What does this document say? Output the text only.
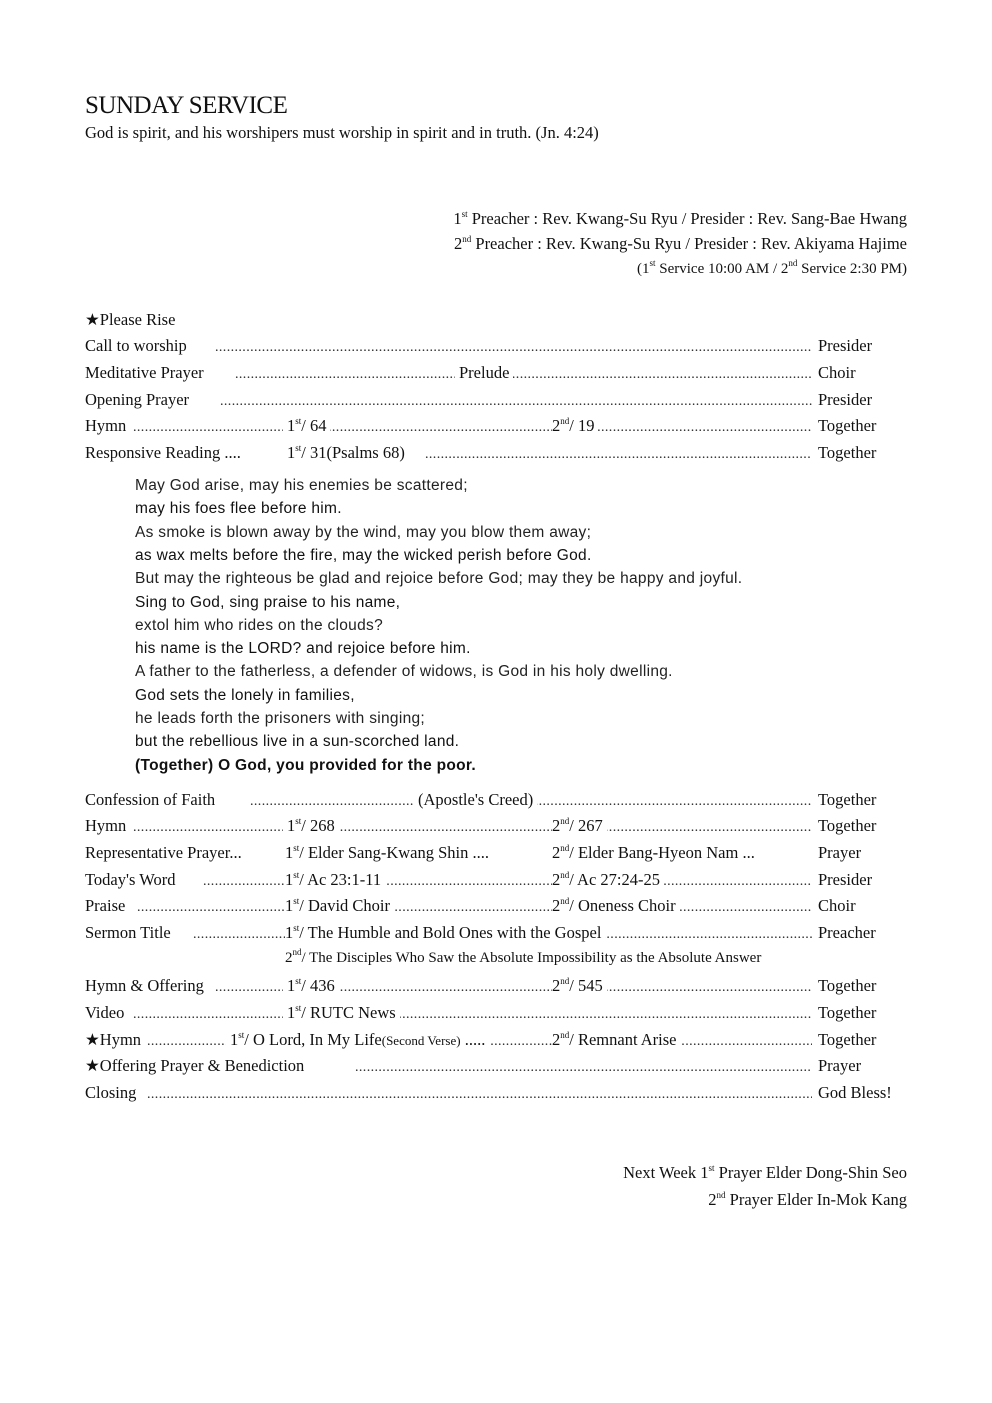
SUNDAY SERVICE
God is spirit, and his worshipers must worship in spirit and in truth. (Jn. 4:24)
1st Preacher : Rev. Kwang-Su Ryu / Presider : Rev. Sang-Bae Hwang
2nd Preacher : Rev. Kwang-Su Ryu / Presider : Rev. Akiyama Hajime
(1st Service 10:00 AM / 2nd Service 2:30 PM)
★Please Rise
.....
Call to worship	Presider
.....
Meditative Prayer	Prelude	Choir
.....
Opening Prayer	Presider
.....
Hymn	1st/ 64	2nd/ 19	Together
.....
Responsive Reading ....	1st/ 31(Psalms 68)	Together
May God arise, may his enemies be scattered;
may his foes flee before him.
As smoke is blown away by the wind, may you blow them away;
as wax melts before the fire, may the wicked perish before God.
But may the righteous be glad and rejoice before God; may they be happy and joyful.
Sing to God, sing praise to his name,
extol him who rides on the clouds?
his name is the LORD? and rejoice before him.
A father to the fatherless, a defender of widows, is God in his holy dwelling.
God sets the lonely in families,
he leads forth the prisoners with singing;
but the rebellious live in a sun-scorched land.
(Together) O God, you provided for the poor.
.....
Confession of Faith	(Apostle's Creed)	Together
.....
Hymn	1st/ 268	2nd/ 267	Together
Representative Prayer...	1st/ Elder Sang-Kwang Shin ....	2nd/ Elder Bang-Hyeon Nam ...	Prayer
.....
Today's Word	1st/ Ac 23:1-11	2nd/ Ac 27:24-25	Presider
.....
Praise	1st/ David Choir	2nd/ Oneness Choir	Choir
.....
Sermon Title	1st/ The Humble and Bold Ones with the Gospel	Preacher
2nd/ The Disciples Who Saw the Absolute Impossibility as the Absolute Answer
.....
Hymn & Offering	1st/ 436	2nd/ 545	Together
.....
Video	1st/ RUTC News	Together
.....
★Hymn	1st/ O Lord, In My Life(Second Verse) .....	2nd/ Remnant Arise	Together
.....
★Offering Prayer & Benediction	Prayer
.....
Closing	God Bless!
Next Week 1st Prayer Elder Dong-Shin Seo
2nd Prayer Elder In-Mok Kang
